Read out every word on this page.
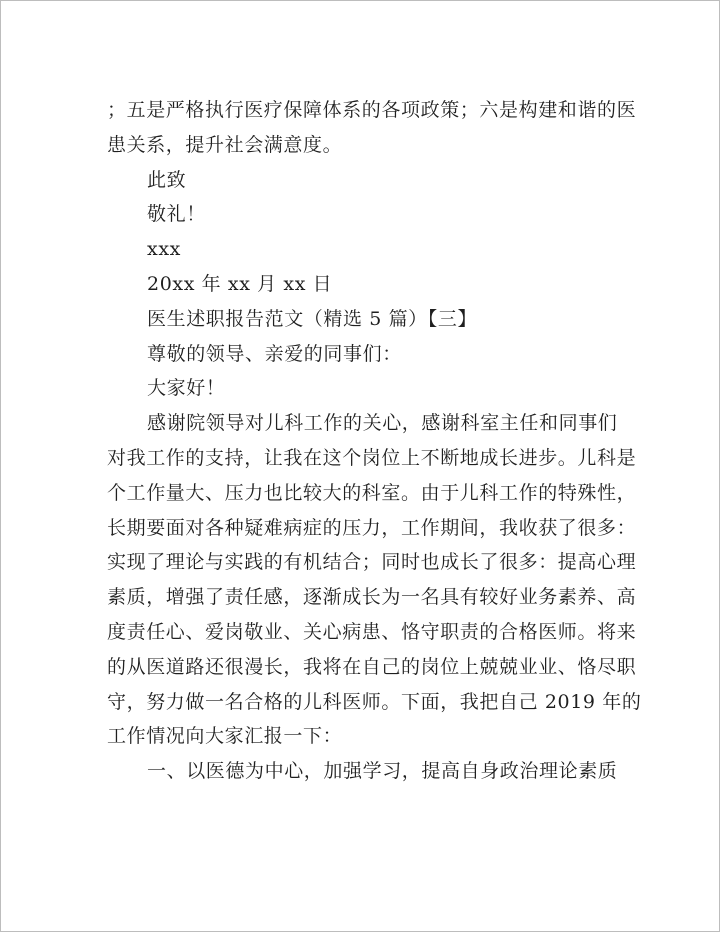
；五是严格执行医疗保障体系的各项政策；六是构建和谐的医
患关系，提升社会满意度。
此致
敬礼！
xxx
20xx 年 xx 月 xx 日
医生述职报告范文（精选 5 篇）【三】
尊敬的领导、亲爱的同事们：
大家好！
感谢院领导对儿科工作的关心，感谢科室主任和同事们
对我工作的支持，让我在这个岗位上不断地成长进步。儿科是
个工作量大、压力也比较大的科室。由于儿科工作的特殊性，
长期要面对各种疑难病症的压力，工作期间，我收获了很多：
实现了理论与实践的有机结合；同时也成长了很多：提高心理
素质，增强了责任感，逐渐成长为一名具有较好业务素养、高
度责任心、爱岗敬业、关心病患、恪守职责的合格医师。将来
的从医道路还很漫长，我将在自己的岗位上兢兢业业、恪尽职
守，努力做一名合格的儿科医师。下面，我把自己 2019 年的
工作情况向大家汇报一下：
一、以医德为中心，加强学习，提高自身政治理论素质
